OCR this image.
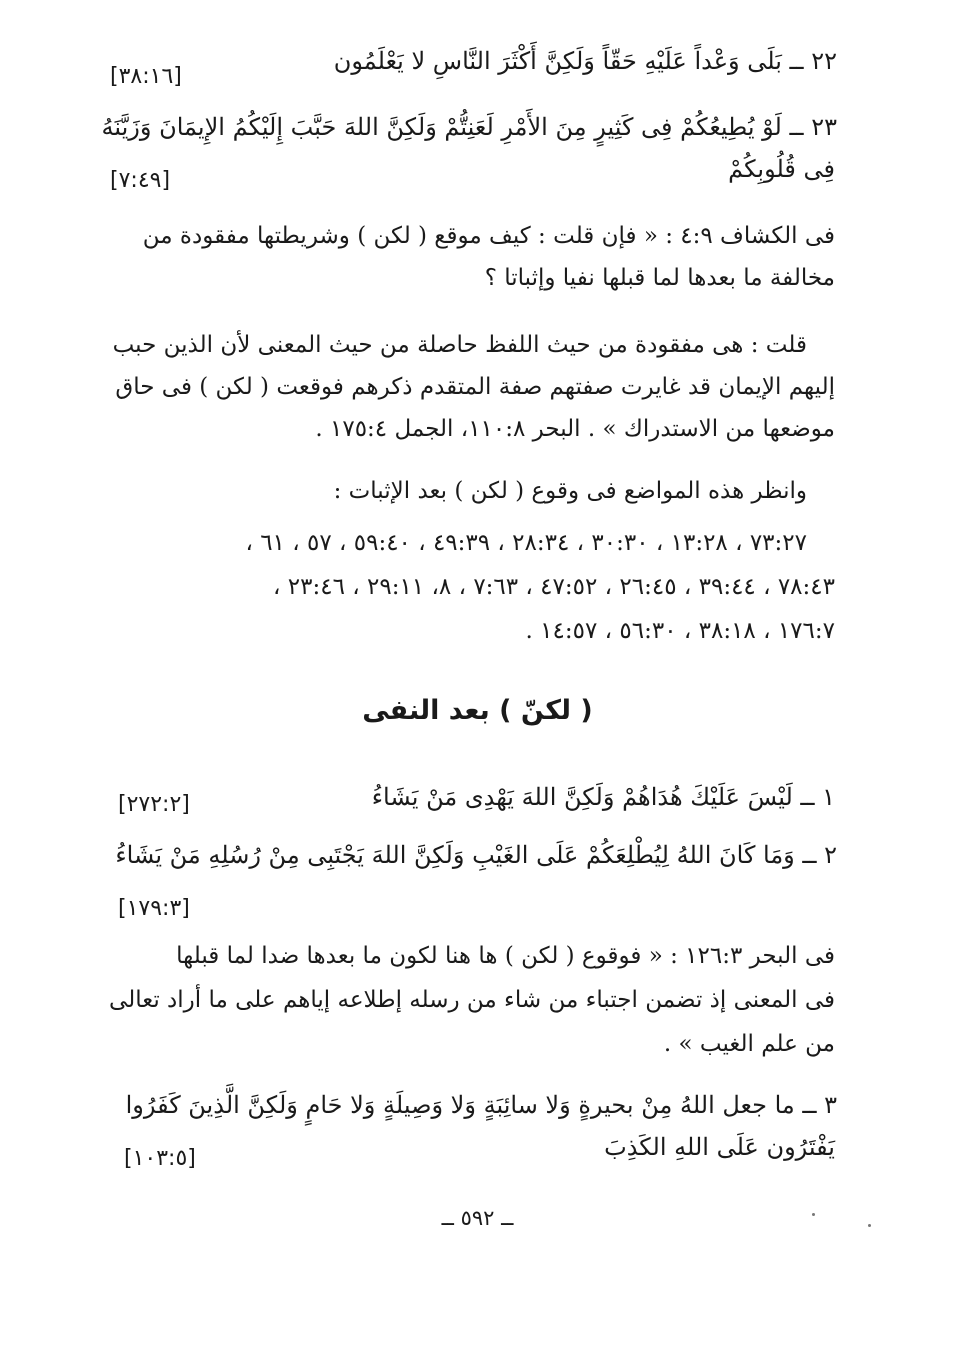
٢٢ ــ بَلَى وَعْداً عَلَيْهِ حَقّاً وَلَكِنَّ أَكْثَرَ النَّاسِ لا يَعْلَمُون
[٣٨:١٦]
٢٣ ــ لَوْ يُطِيعُكُمْ فِى كَثِيرٍ مِنَ الأَمْرِ لَعَنِتُّمْ وَلَكِنَّ اللهَ حَبَّبَ إِلَيْكُمُ الإِيمَانَ وَزَيَّنَهُ
فِى قُلُوبِكُمْ
[٧:٤٩]
فى الكشاف ٤:٩ : « فإن قلت : كيف موقع ( لكن ) وشريطتها مفقودة من
مخالفة ما بعدها لما قبلها نفيا وإثباتا ؟
قلت : هى مفقودة من حيث اللفظ حاصلة من حيث المعنى لأن الذين حبب
إليهم الإيمان قد غايرت صفتهم صفة المتقدم ذكرهم فوقعت ( لكن ) فى حاق
موضعها من الاستدراك » . البحر ١١٠:٨، الجمل ١٧٥:٤ .
وانظر هذه المواضع فى وقوع ( لكن ) بعد الإثبات :
٧٣:٢٧ ، ١٣:٢٨ ، ٣٠:٣٠ ، ٢٨:٣٤ ، ٤٩:٣٩ ، ٥٩:٤٠ ، ٥٧ ، ٦١ ،
٧٨:٤٣ ، ٣٩:٤٤ ، ٢٦:٤٥ ، ٤٧:٥٢ ، ٧:٦٣ ، ٨، ٢٩:١١ ، ٢٣:٤٦ ،
١٧٦:٧ ، ٣٨:١٨ ، ٥٦:٣٠ ، ١٤:٥٧ .
( لكنّ ) بعد النفى
١ ــ لَيْسَ عَلَيْكَ هُدَاهُمْ وَلَكِنَّ اللهَ يَهْدِى مَنْ يَشَاءُ
[٢٧٢:٢]
٢ ــ وَمَا كَانَ اللهُ لِيُطْلِعَكُمْ عَلَى الغَيْبِ وَلَكِنَّ اللهَ يَجْتَبِى مِنْ رُسُلِهِ مَنْ يَشَاءُ
[١٧٩:٣]
فى البحر ١٢٦:٣ : « فوقوع ( لكن ) ها هنا لكون ما بعدها ضدا لما قبلها
فى المعنى إذ تضمن اجتباء من شاء من رسله إطلاعه إياهم على ما أراد تعالى
من علم الغيب » .
٣ ــ ما جعل اللهُ مِنْ بحيرةٍ وَلا سائِبَةٍ وَلا وَصِيلَةٍ وَلا حَامٍ وَلَكِنَّ الَّذِينَ كَفَرُوا
يَفْتَرُون عَلَى اللهِ الكَذِبَ
[١٠٣:٥]
ــ ٥٩٢ ــ
